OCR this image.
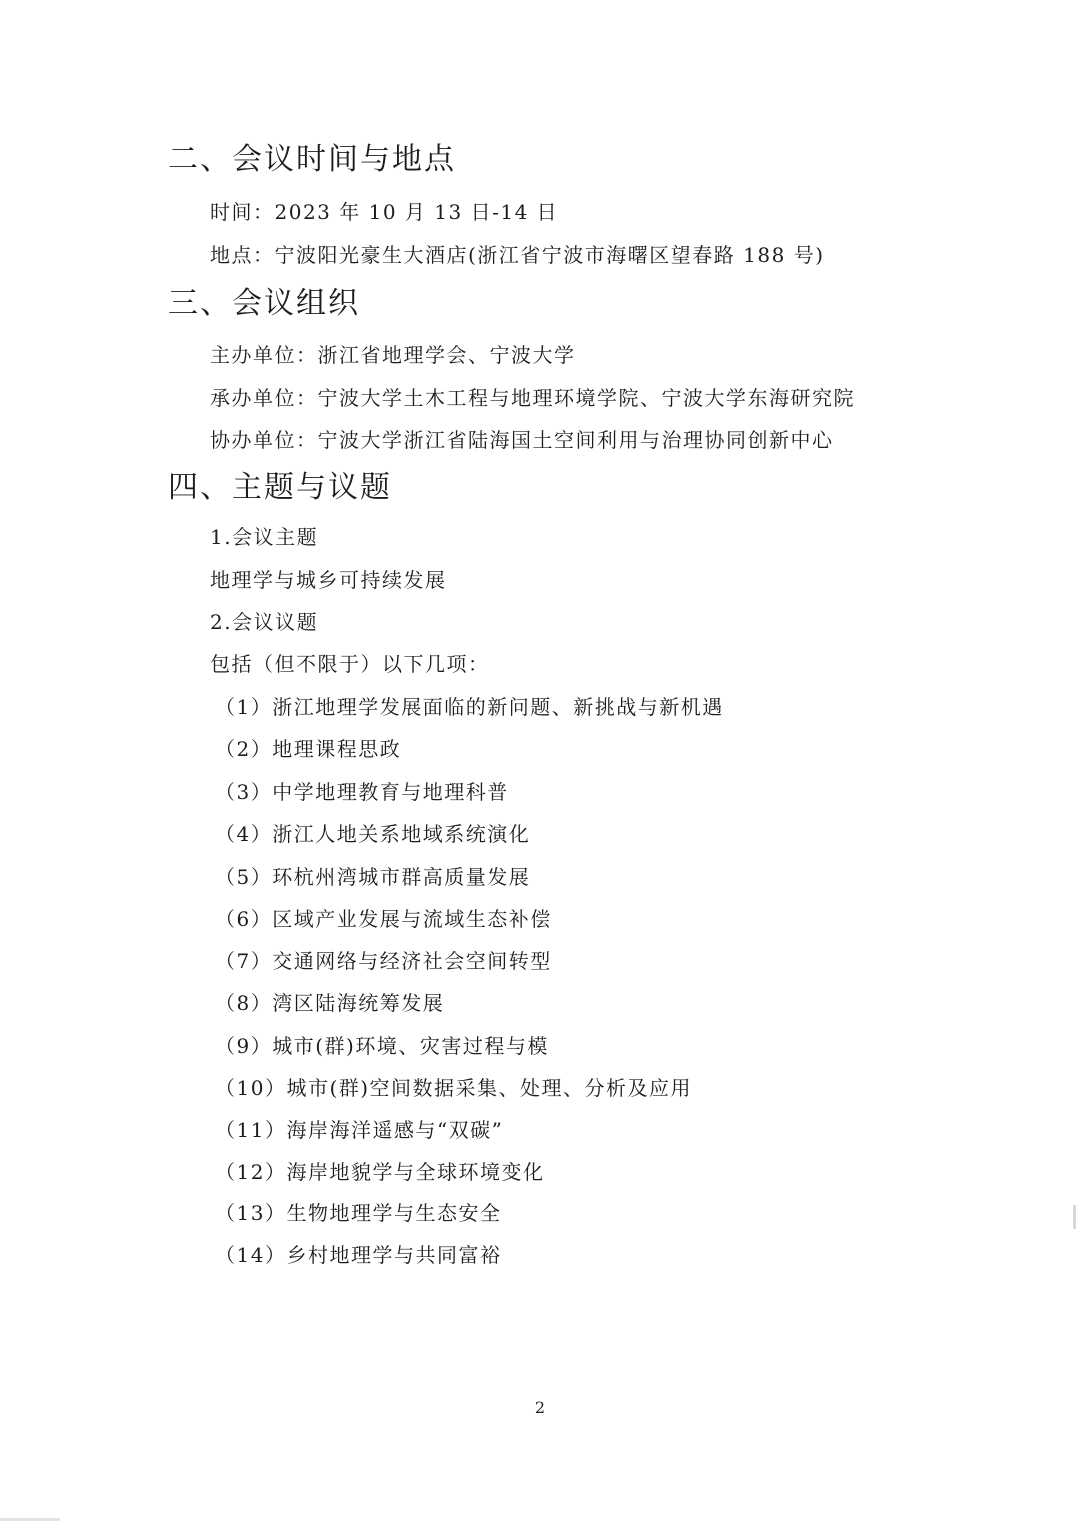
二、会议时间与地点
时间：2023 年 10 月 13 日-14 日
地点：宁波阳光豪生大酒店(浙江省宁波市海曙区望春路 188 号)
三、会议组织
主办单位：浙江省地理学会、宁波大学
承办单位：宁波大学土木工程与地理环境学院、宁波大学东海研究院
协办单位：宁波大学浙江省陆海国土空间利用与治理协同创新中心
四、主题与议题
1.会议主题
地理学与城乡可持续发展
2.会议议题
包括（但不限于）以下几项：
（1）浙江地理学发展面临的新问题、新挑战与新机遇
（2）地理课程思政
（3）中学地理教育与地理科普
（4）浙江人地关系地域系统演化
（5）环杭州湾城市群高质量发展
（6）区域产业发展与流域生态补偿
（7）交通网络与经济社会空间转型
（8）湾区陆海统筹发展
（9）城市(群)环境、灾害过程与模
（10）城市(群)空间数据采集、处理、分析及应用
（11）海岸海洋遥感与“双碳”
（12）海岸地貌学与全球环境变化
（13）生物地理学与生态安全
（14）乡村地理学与共同富裕
2
